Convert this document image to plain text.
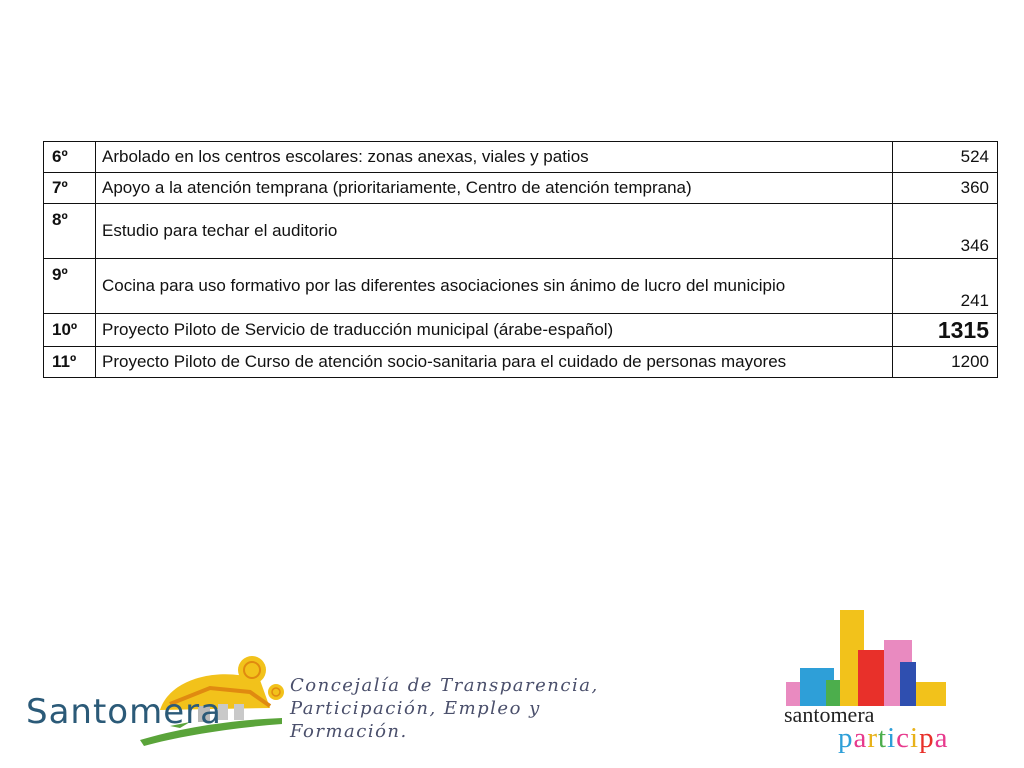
6º	Arbolado en los centros escolares: zonas anexas, viales y patios	524
7º	Apoyo a la atención temprana (prioritariamente, Centro de atención temprana)	360
8º	Estudio para techar el auditorio	346
9º	Cocina para uso formativo por las diferentes asociaciones sin ánimo de lucro del municipio	241
10º	Proyecto Piloto de Servicio de traducción municipal (árabe-español)	1315
11º	Proyecto Piloto de Curso de atención socio-sanitaria para el cuidado de personas mayores	1200
Santomera
Concejalía de Transparencia,
Participación, Empleo y Formación.
santomera
participa
